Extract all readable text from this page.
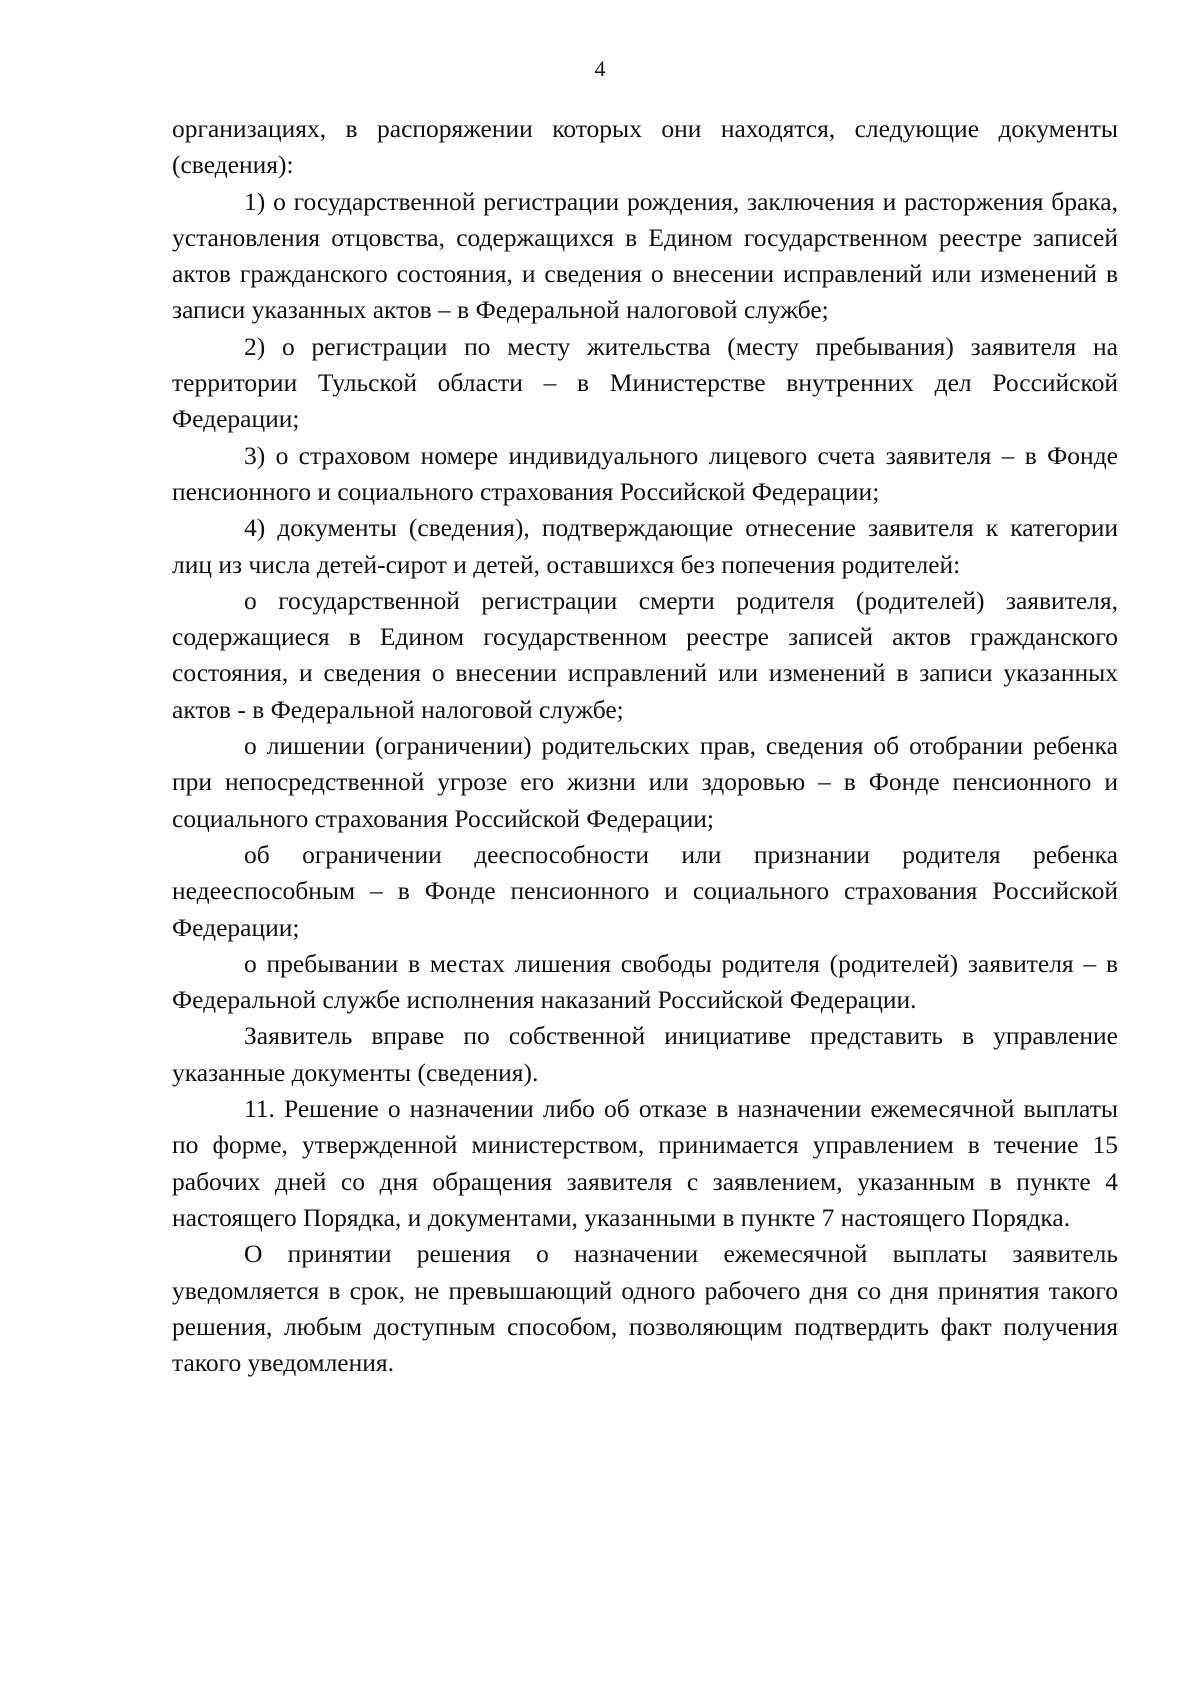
4

организациях, в распоряжении которых они находятся, следующие документы (сведения):

1) о государственной регистрации рождения, заключения и расторжения брака, установления отцовства, содержащихся в Едином государственном реестре записей актов гражданского состояния, и сведения о внесении исправлений или изменений в записи указанных актов – в Федеральной налоговой службе;

2) о регистрации по месту жительства (месту пребывания) заявителя на территории Тульской области – в Министерстве внутренних дел Российской Федерации;

3) о страховом номере индивидуального лицевого счета заявителя – в Фонде пенсионного и социального страхования Российской Федерации;

4) документы (сведения), подтверждающие отнесение заявителя к категории лиц из числа детей-сирот и детей, оставшихся без попечения родителей:

о государственной регистрации смерти родителя (родителей) заявителя, содержащиеся в Едином государственном реестре записей актов гражданского состояния, и сведения о внесении исправлений или изменений в записи указанных актов - в Федеральной налоговой службе;

о лишении (ограничении) родительских прав, сведения об отобрании ребенка при непосредственной угрозе его жизни или здоровью – в Фонде пенсионного и социального страхования Российской Федерации;

об ограничении дееспособности или признании родителя ребенка недееспособным – в Фонде пенсионного и социального страхования Российской Федерации;

о пребывании в местах лишения свободы родителя (родителей) заявителя – в Федеральной службе исполнения наказаний Российской Федерации.

Заявитель вправе по собственной инициативе представить в управление указанные документы (сведения).

11. Решение о назначении либо об отказе в назначении ежемесячной выплаты по форме, утвержденной министерством, принимается управлением в течение 15 рабочих дней со дня обращения заявителя с заявлением, указанным в пункте 4 настоящего Порядка, и документами, указанными в пункте 7 настоящего Порядка.

О принятии решения о назначении ежемесячной выплаты заявитель уведомляется в срок, не превышающий одного рабочего дня со дня принятия такого решения, любым доступным способом, позволяющим подтвердить факт получения такого уведомления.
